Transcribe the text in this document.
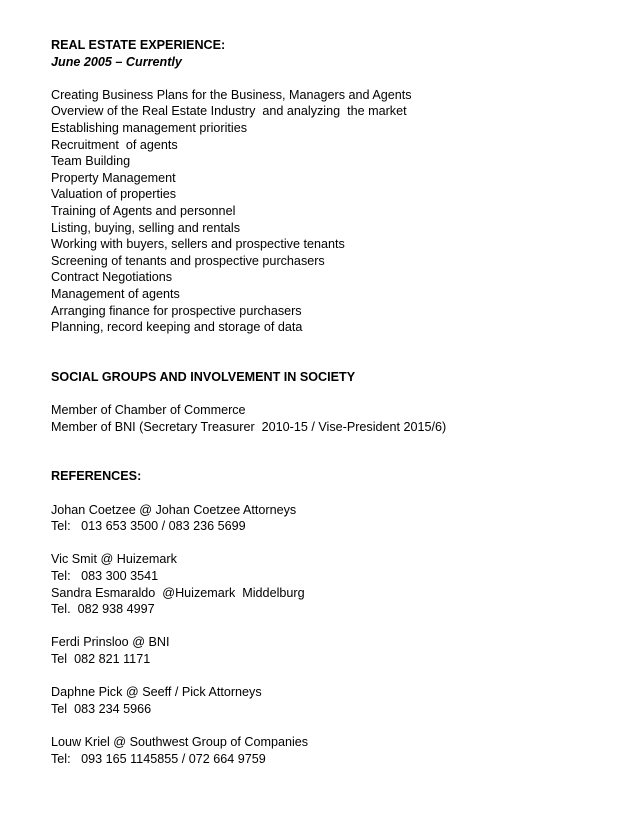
REAL ESTATE EXPERIENCE:
June 2005 – Currently
Creating Business Plans for the Business, Managers and Agents
Overview of the Real Estate Industry  and analyzing  the market
Establishing management priorities
Recruitment  of agents
Team Building
Property Management
Valuation of properties
Training of Agents and personnel
Listing, buying, selling and rentals
Working with buyers, sellers and prospective tenants
Screening of tenants and prospective purchasers
Contract Negotiations
Management of agents
Arranging finance for prospective purchasers
Planning, record keeping and storage of data
SOCIAL GROUPS AND INVOLVEMENT IN SOCIETY
Member of Chamber of Commerce
Member of BNI (Secretary Treasurer  2010-15 / Vise-President 2015/6)
REFERENCES:
Johan Coetzee @ Johan Coetzee Attorneys
Tel:   013 653 3500 / 083 236 5699
Vic Smit @ Huizemark
Tel:   083 300 3541
Sandra Esmaraldo  @Huizemark  Middelburg
Tel.  082 938 4997
Ferdi Prinsloo @ BNI
Tel  082 821 1171
Daphne Pick @ Seeff / Pick Attorneys
Tel  083 234 5966
Louw Kriel @ Southwest Group of Companies
Tel:   093 165 1145855 / 072 664 9759
